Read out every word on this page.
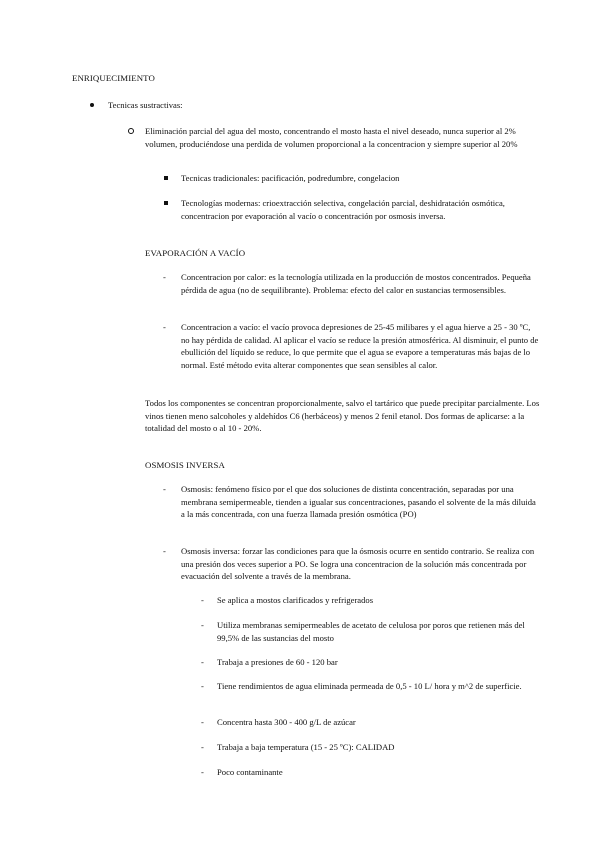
ENRIQUECIMIENTO

Tecnicas sustractivas:

Eliminación parcial del agua del mosto, concentrando el mosto hasta el nivel deseado, nunca superior al 2% volumen, produciéndose una perdida de volumen proporcional a la concentracion y siempre superior al 20%

Tecnicas tradicionales: pacificación, podredumbre, congelacion

Tecnologías modernas: crioextracción selectiva, congelación parcial, deshidratación osmótica, concentracion por evaporación al vacío o concentración por osmosis inversa.

EVAPORACIÓN A VACÍO

-

Concentracion por calor: es la tecnología utilizada en la producción de mostos concentrados. Pequeña pérdida de agua (no de sequilibrante). Problema: efecto del calor en sustancias termosensibles.

-

Concentracion a vacío: el vacío provoca depresiones de 25-45 milibares y el agua hierve a 25 - 30 ºC, no hay pérdida de calidad. Al aplicar el vacío se reduce la presión atmosférica. Al disminuir, el punto de ebullición del líquido se reduce, lo que permite que el agua se evapore a temperaturas más bajas de lo normal. Esté método evita alterar componentes que sean sensibles al calor.

Todos los componentes se concentran proporcionalmente, salvo el tartárico que puede precipitar parcialmente. Los vinos tienen meno salcoholes y aldehídos C6 (herbáceos) y menos 2 fenil etanol. Dos formas de aplicarse: a la totalidad del mosto o al 10 - 20%.

OSMOSIS INVERSA

-

Osmosis: fenómeno físico por el que dos soluciones de distinta concentración, separadas por una membrana semipermeable, tienden a igualar sus concentraciones, pasando el solvente de la más diluida a la más concentrada, con una fuerza llamada presión osmótica (PO)

-

Osmosis inversa: forzar las condiciones para que la ósmosis ocurre en sentido contrario. Se realiza con una presión dos veces superior a PO. Se logra una concentracion de la solución más concentrada por evacuación del solvente a través de la membrana.

-

Se aplica a mostos clarificados y refrigerados

-

Utiliza membranas semipermeables de acetato de celulosa por poros que retienen más del 99,5% de las sustancias del mosto

-

Trabaja a presiones de 60 - 120 bar

-

Tiene rendimientos de agua eliminada permeada de 0,5 - 10 L/ hora y m^2 de superficie.

-

Concentra hasta 300 - 400 g/L de azúcar

-

Trabaja a baja temperatura (15 - 25 ºC): CALIDAD

-

Poco contaminante
